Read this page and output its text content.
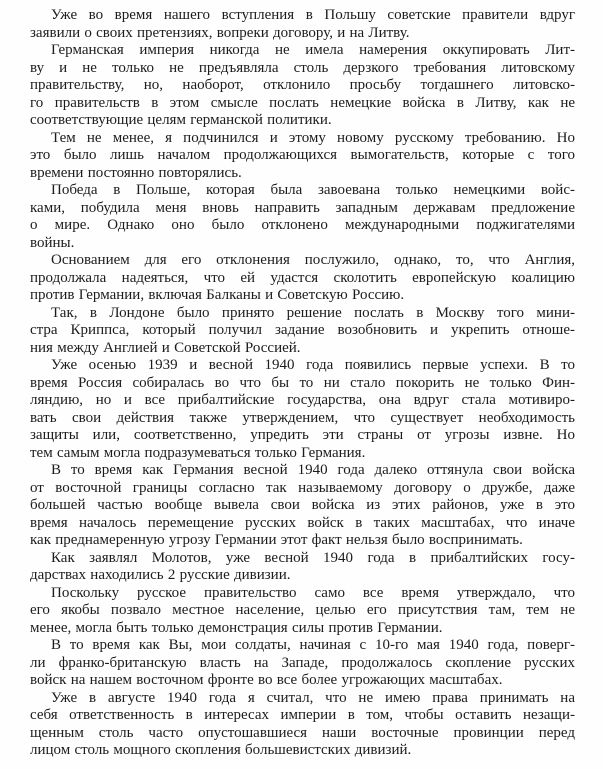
Уже во время нашего вступления в Польшу советские правители вдруг
заявили о своих претензиях, вопреки договору, и на Литву.

Германская империя никогда не имела намерения оккупировать Лит-
ву и не только не предъявляла столь дерзкого требования литовскому
правительству, но, наоборот, отклонило просьбу тогдашнего литовско-
го правительств в этом смысле послать немецкие войска в Литву, как не
соответствующие целям германской политики.

Тем не менее, я подчинился и этому новому русскому требованию. Но
это было лишь началом продолжающихся вымогательств, которые с того
времени постоянно повторялись.

Победа в Польше, которая была завоевана только немецкими войс-
ками, побудила меня вновь направить западным державам предложение
о мире. Однако оно было отклонено международными поджигателями
войны.

Основанием для его отклонения послужило, однако, то, что Англия,
продолжала надеяться, что ей удастся сколотить европейскую коалицию
против Германии, включая Балканы и Советскую Россию.

Так, в Лондоне было принято решение послать в Москву того мини-
стра Криппса, который получил задание возобновить и укрепить отноше-
ния между Англией и Советской Россией.

Уже осенью 1939 и весной 1940 года появились первые успехи. В то
время Россия собиралась во что бы то ни стало покорить не только Фин-
ляндию, но и все прибалтийские государства, она вдруг стала мотивиро-
вать свои действия также утверждением, что существует необходимость
защиты или, соответственно, упредить эти страны от угрозы извне. Но
тем самым могла подразумеваться только Германия.

В то время как Германия весной 1940 года далеко оттянула свои войска
от восточной границы согласно так называемому договору о дружбе, даже
большей частью вообще вывела свои войска из этих районов, уже в это
время началось перемещение русских войск в таких масштабах, что иначе
как преднамеренную угрозу Германии этот факт нельзя было воспринимать.

Как заявлял Молотов, уже весной 1940 года в прибалтийских госу-
дарствах находились 2 русские дивизии.

Поскольку русское правительство само все время утверждало, что
его якобы позвало местное население, целью его присутствия там, тем не
менее, могла быть только демонстрация силы против Германии.

В то время как Вы, мои солдаты, начиная с 10-го мая 1940 года, поверг-
ли франко-британскую власть на Западе, продолжалось скопление русских
войск на нашем восточном фронте во все более угрожающих масштабах.

Уже в августе 1940 года я считал, что не имею права принимать на
себя ответственность в интересах империи в том, чтобы оставить незащи-
щенным столь часто опустошавшиеся наши восточные провинции перед
лицом столь мощного скопления большевистских дивизий.
